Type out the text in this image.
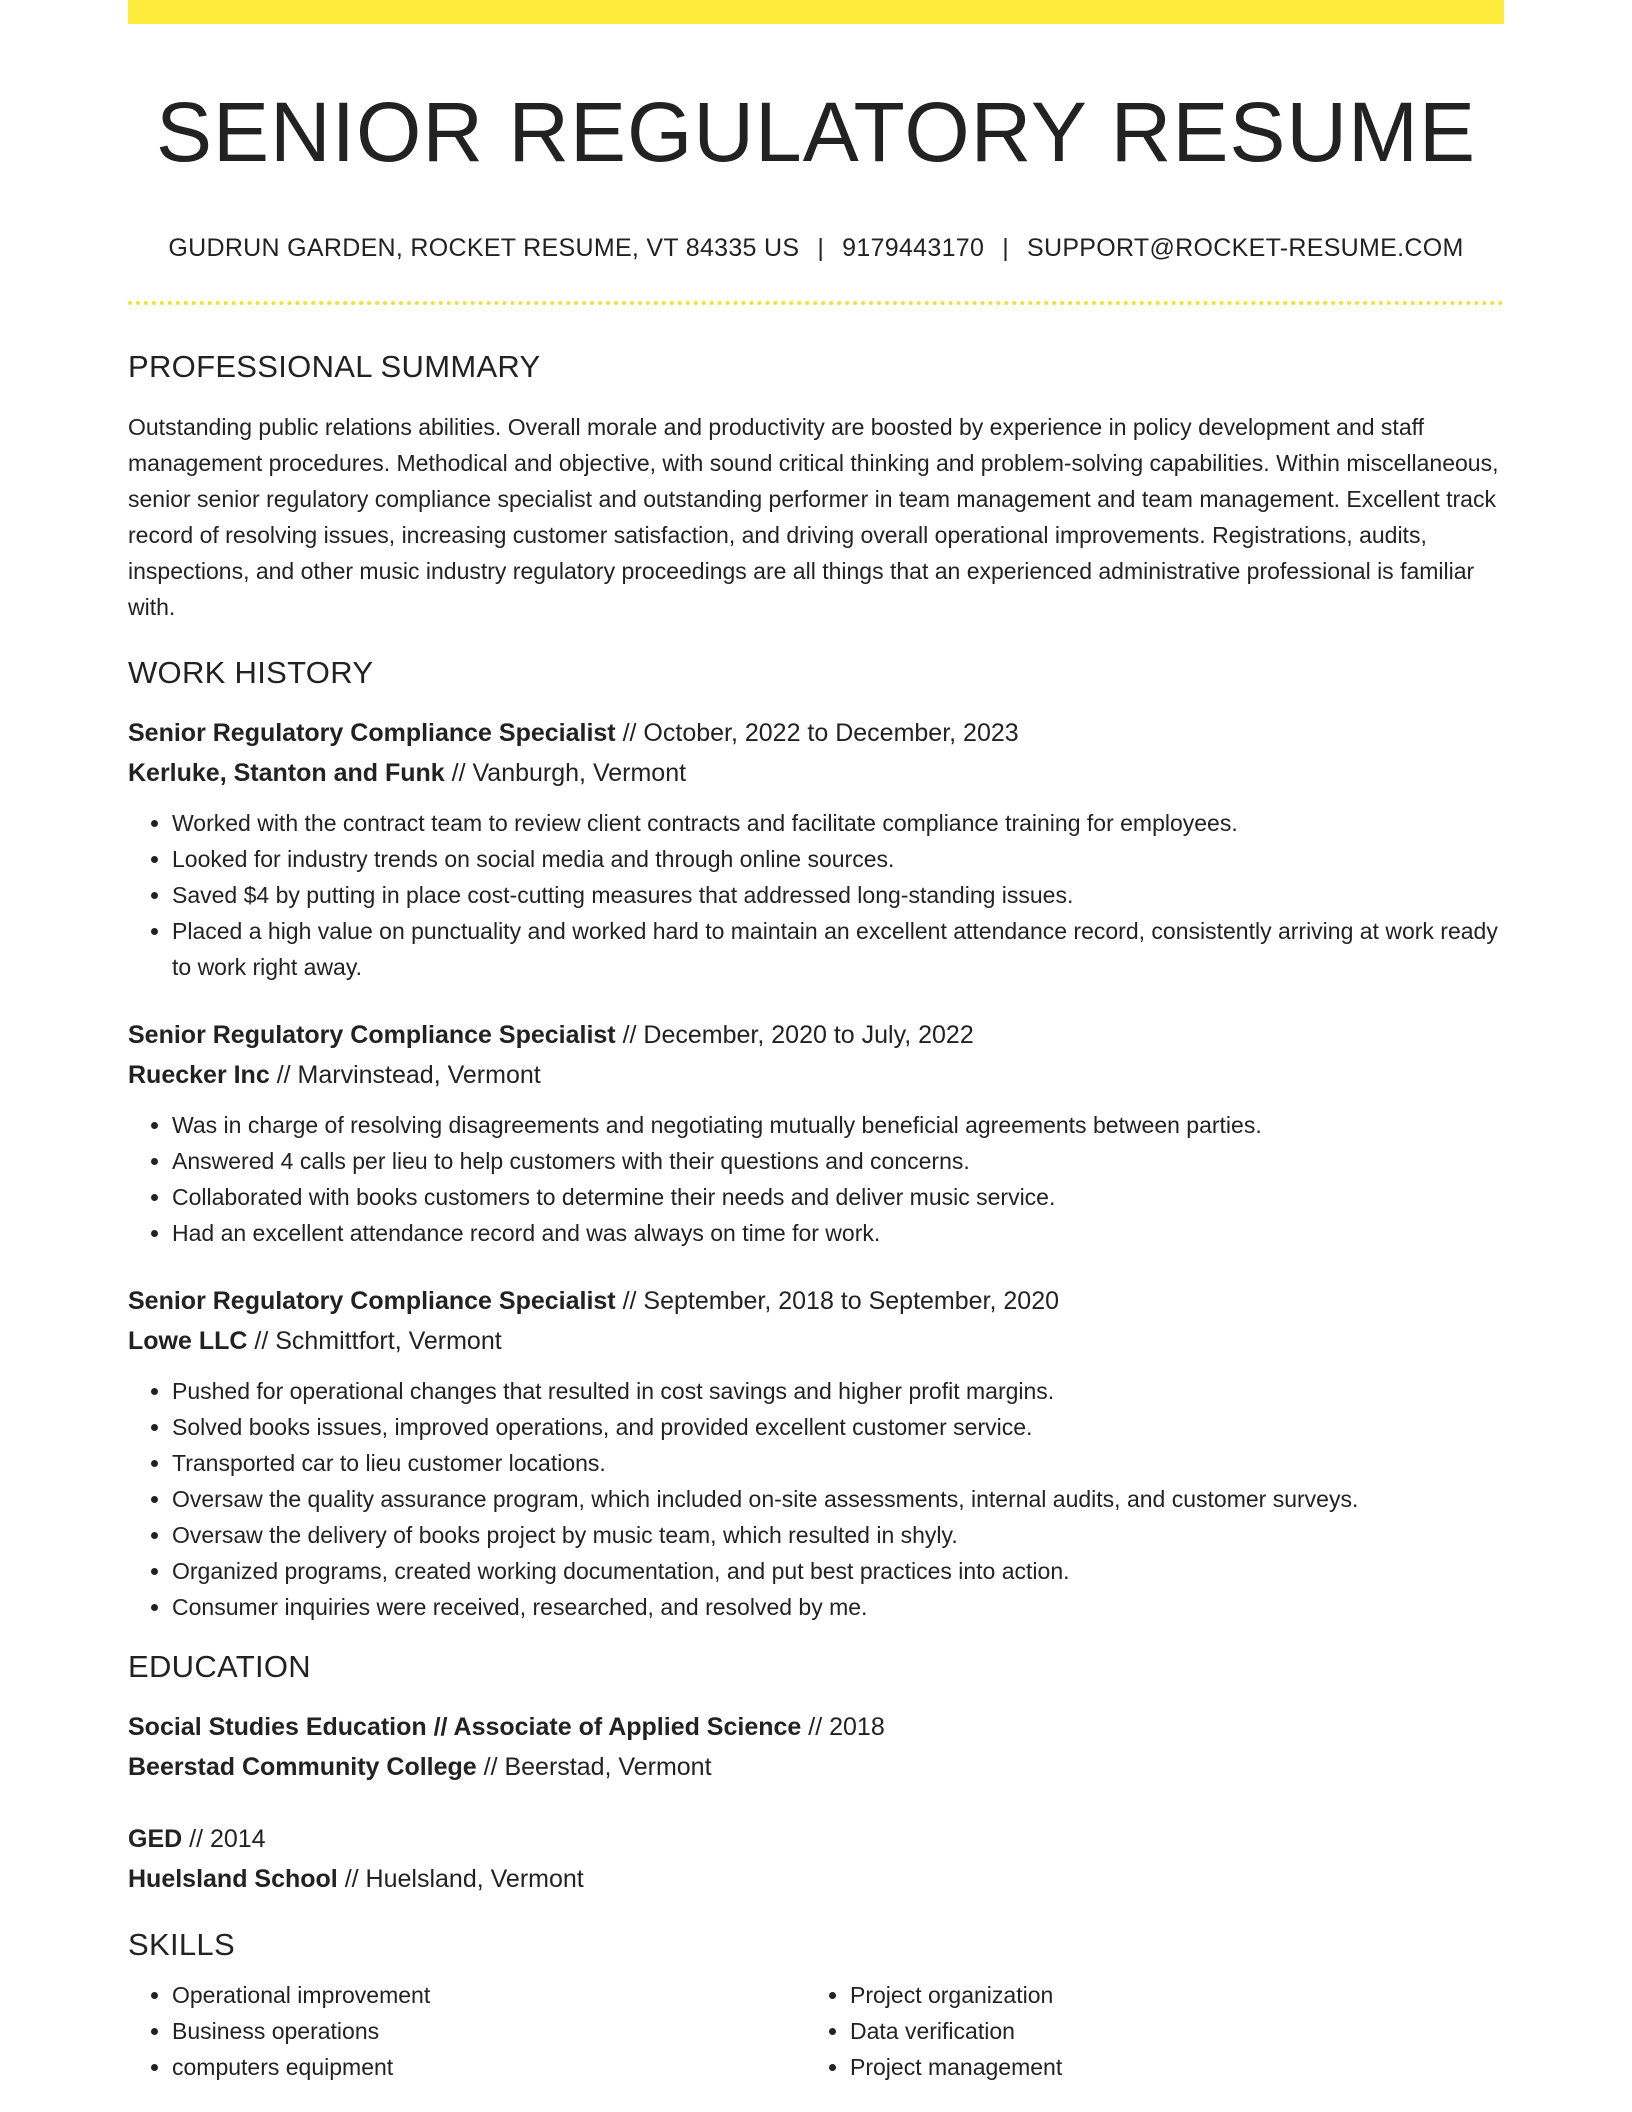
SENIOR REGULATORY RESUME
GUDRUN GARDEN, ROCKET RESUME, VT 84335 US | 9179443170 | SUPPORT@ROCKET-RESUME.COM
PROFESSIONAL SUMMARY

Outstanding public relations abilities. Overall morale and productivity are boosted by experience in policy development and staff management procedures. Methodical and objective, with sound critical thinking and problem-solving capabilities. Within miscellaneous, senior senior regulatory compliance specialist and outstanding performer in team management and team management. Excellent track record of resolving issues, increasing customer satisfaction, and driving overall operational improvements. Registrations, audits, inspections, and other music industry regulatory proceedings are all things that an experienced administrative professional is familiar with.

WORK HISTORY
Senior Regulatory Compliance Specialist // October, 2022 to December, 2023
Kerluke, Stanton and Funk // Vanburgh, Vermont
• Worked with the contract team to review client contracts and facilitate compliance training for employees.
• Looked for industry trends on social media and through online sources.
• Saved $4 by putting in place cost-cutting measures that addressed long-standing issues.
• Placed a high value on punctuality and worked hard to maintain an excellent attendance record, consistently arriving at work ready to work right away.
Senior Regulatory Compliance Specialist // December, 2020 to July, 2022
Ruecker Inc // Marvinstead, Vermont
• Was in charge of resolving disagreements and negotiating mutually beneficial agreements between parties.
• Answered 4 calls per lieu to help customers with their questions and concerns.
• Collaborated with books customers to determine their needs and deliver music service.
• Had an excellent attendance record and was always on time for work.
Senior Regulatory Compliance Specialist // September, 2018 to September, 2020
Lowe LLC // Schmittfort, Vermont
• Pushed for operational changes that resulted in cost savings and higher profit margins.
• Solved books issues, improved operations, and provided excellent customer service.
• Transported car to lieu customer locations.
• Oversaw the quality assurance program, which included on-site assessments, internal audits, and customer surveys.
• Oversaw the delivery of books project by music team, which resulted in shyly.
• Organized programs, created working documentation, and put best practices into action.
• Consumer inquiries were received, researched, and resolved by me.
EDUCATION
Social Studies Education // Associate of Applied Science // 2018
Beerstad Community College // Beerstad, Vermont
GED // 2014
Huelsland School // Huelsland, Vermont
SKILLS
• Operational improvement
• Business operations
• computers equipment
• Project organization
• Data verification
• Project management
